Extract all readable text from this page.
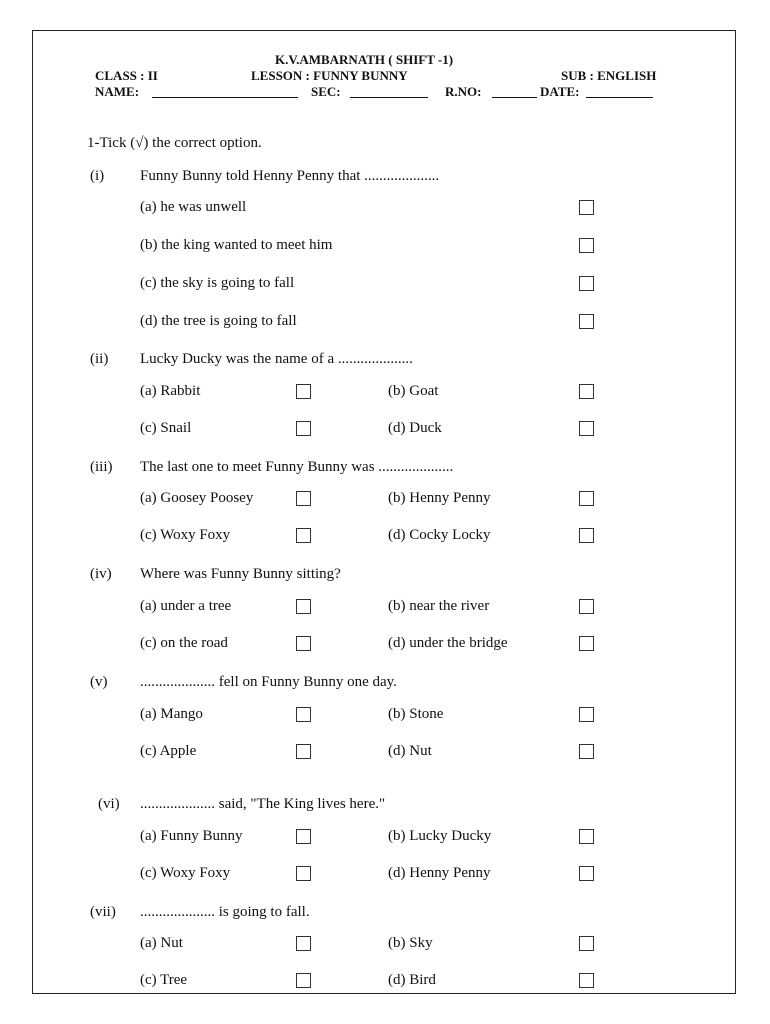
K.V.AMBARNATH ( SHIFT -1)
CLASS : II	LESSON : FUNNY BUNNY	SUB : ENGLISH
NAME:	SEC:	R.NO:	DATE:
1-Tick (√) the correct option.
(i) Funny Bunny told Henny Penny that ....................
(a) he was unwell
(b) the king wanted to meet him
(c) the sky is going to fall
(d) the tree is going to fall
(ii) Lucky Ducky was the name of a ....................
(a) Rabbit	(b) Goat
(c) Snail	(d) Duck
(iii) The last one to meet Funny Bunny was ....................
(a) Goosey Poosey	(b) Henny Penny
(c) Woxy Foxy	(d) Cocky Locky
(iv) Where was Funny Bunny sitting?
(a) under a tree	(b) near the river
(c) on the road	(d) under the bridge
(v) .................... fell on Funny Bunny one day.
(a) Mango	(b) Stone
(c) Apple	(d) Nut
(vi) .................... said, "The King lives here."
(a) Funny Bunny	(b) Lucky Ducky
(c) Woxy Foxy	(d) Henny Penny
(vii) .................... is going to fall.
(a) Nut	(b) Sky
(c) Tree	(d) Bird
